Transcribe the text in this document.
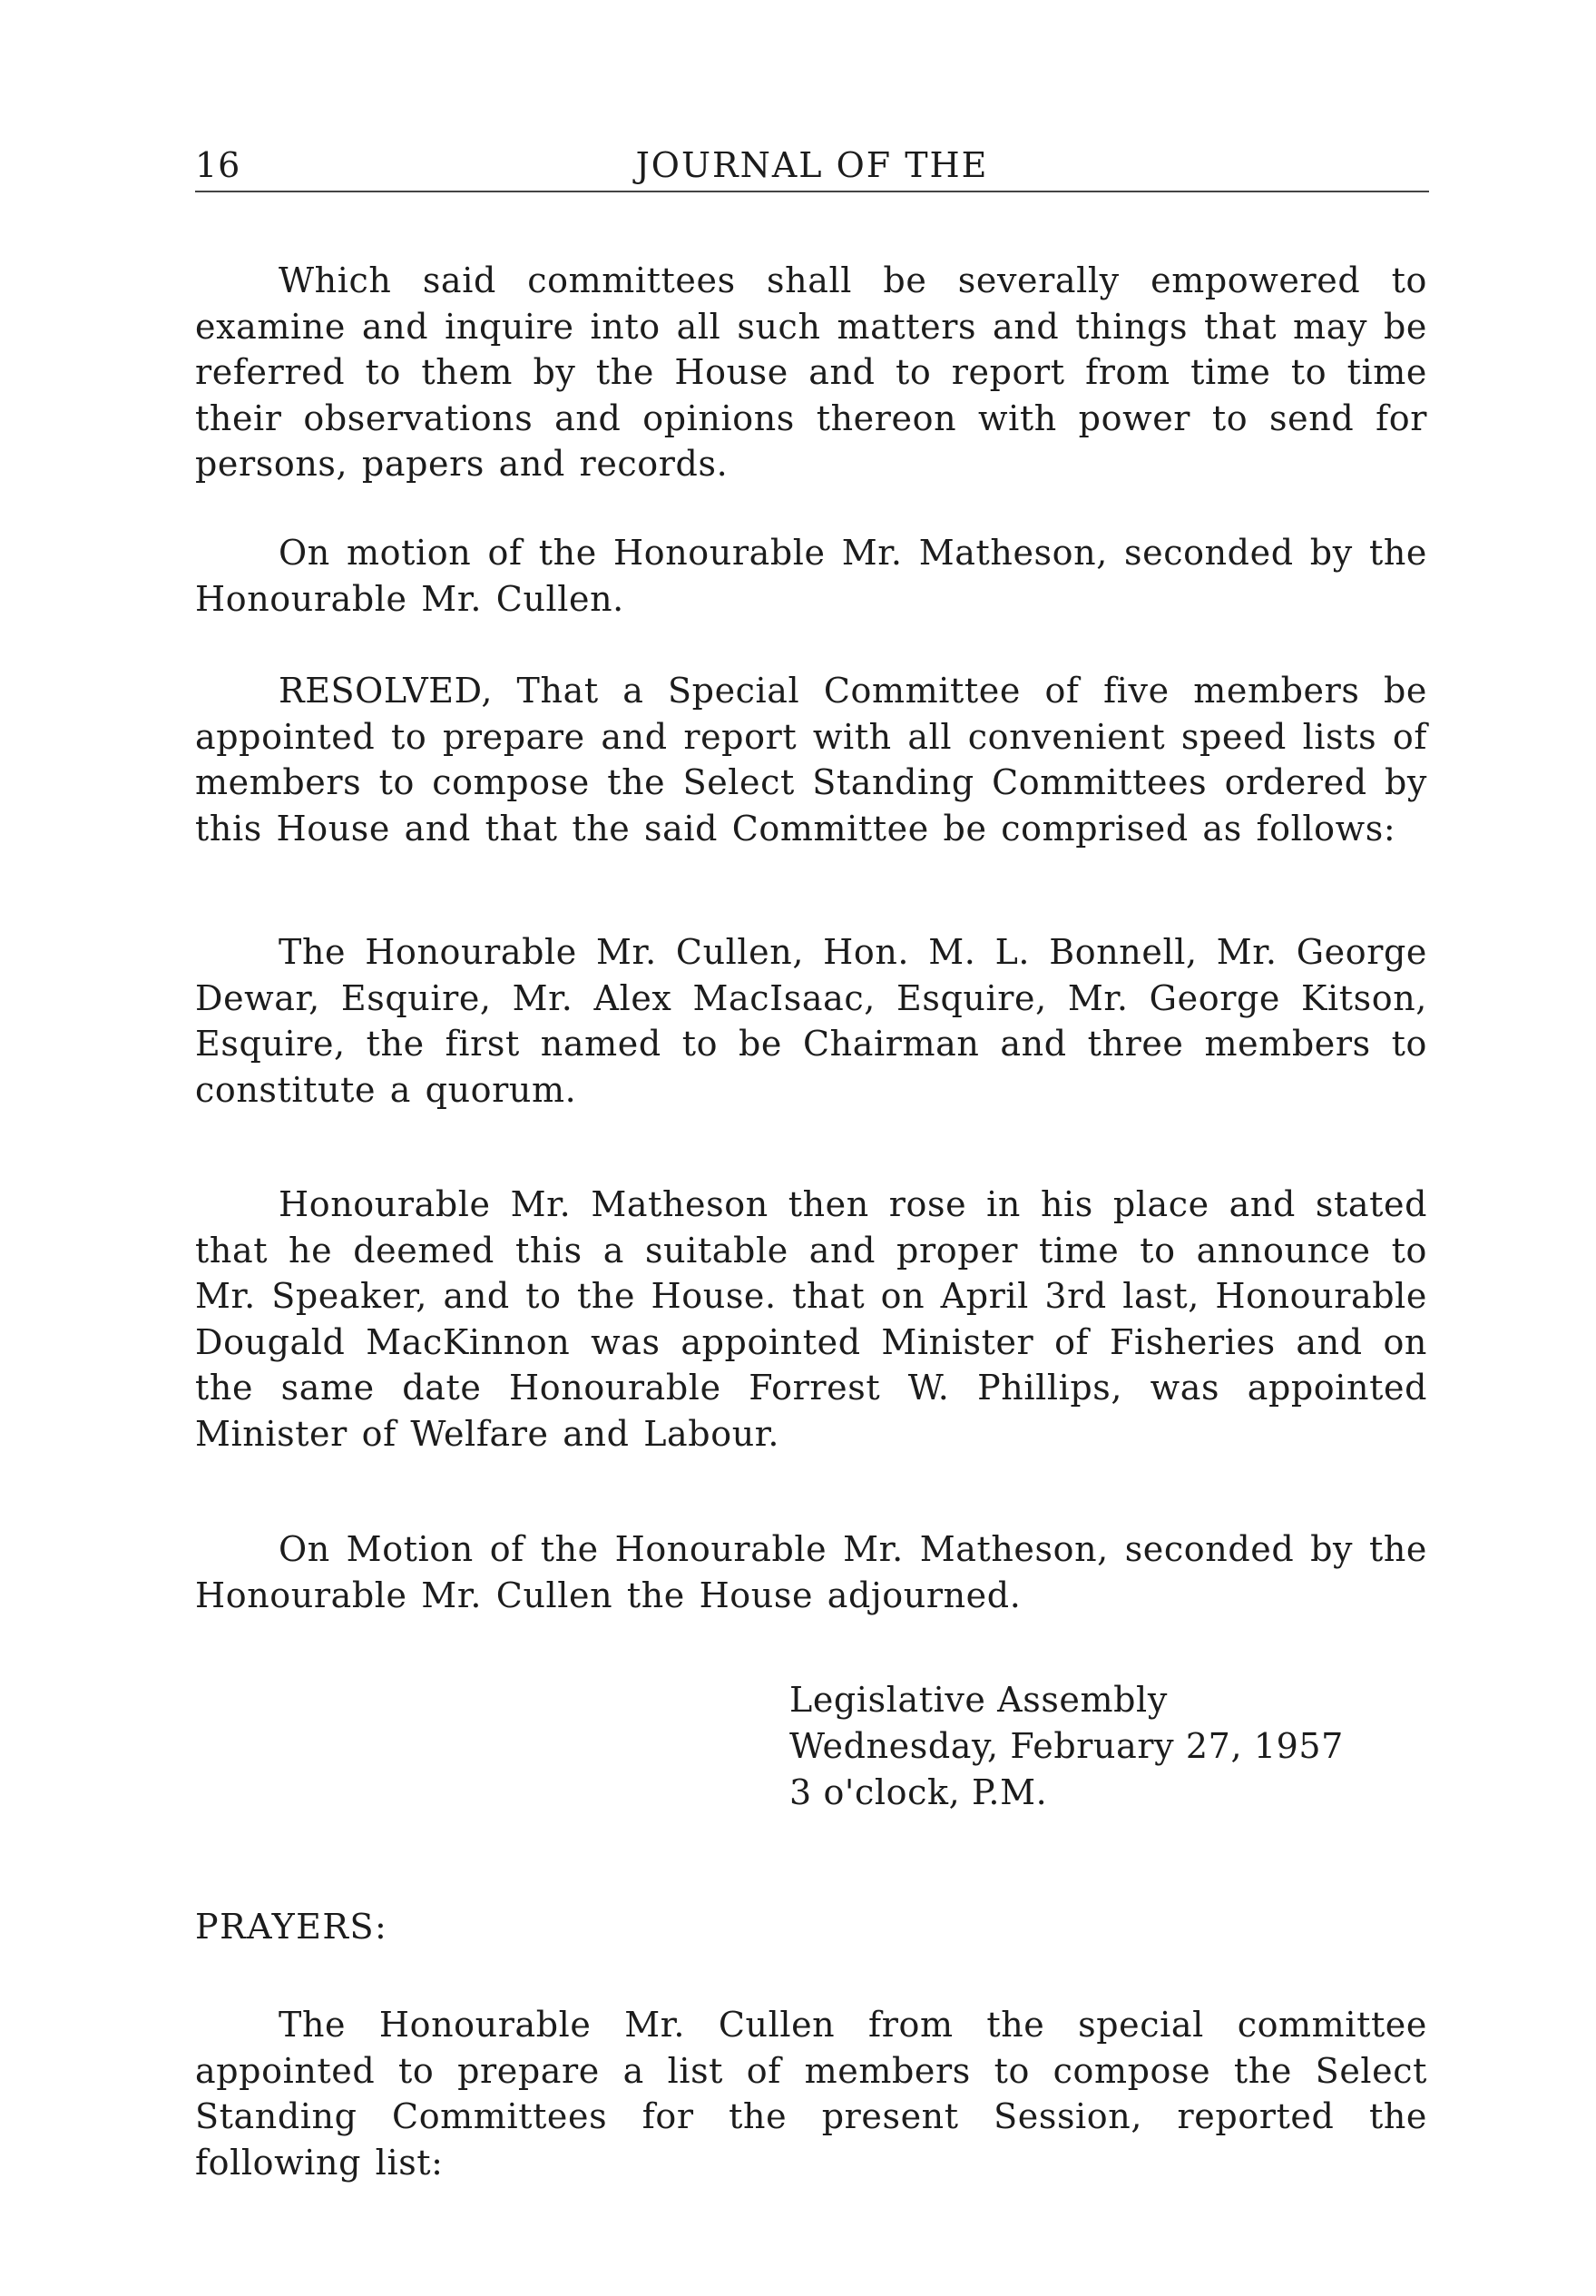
16	JOURNAL OF THE

Which said committees shall be severally empowered to examine and inquire into all such matters and things that may be referred to them by the House and to report from time to time their observations and opinions thereon with power to send for persons, papers and records.

On motion of the Honourable Mr. Matheson, seconded by the Honourable Mr. Cullen.

RESOLVED, That a Special Committee of five members be appointed to prepare and report with all convenient speed lists of members to compose the Select Standing Committees ordered by this House and that the said Committee be comprised as follows:

The Honourable Mr. Cullen, Hon. M. L. Bonnell, Mr. George Dewar, Esquire, Mr. Alex MacIsaac, Esquire, Mr. George Kitson, Esquire, the first named to be Chairman and three members to constitute a quorum.

Honourable Mr. Matheson then rose in his place and stated that he deemed this a suitable and proper time to announce to Mr. Speaker, and to the House. that on April 3rd last, Honourable Dougald MacKinnon was appointed Minister of Fisheries and on the same date Honourable Forrest W. Phillips, was appointed Minister of Welfare and Labour.

On Motion of the Honourable Mr. Matheson, seconded by the Honourable Mr. Cullen the House adjourned.

Legislative Assembly
Wednesday, February 27, 1957
3 o'clock, P.M.
PRAYERS:

The Honourable Mr. Cullen from the special committee appointed to prepare a list of members to compose the Select Standing Committees for the present Session, reported the following list:
